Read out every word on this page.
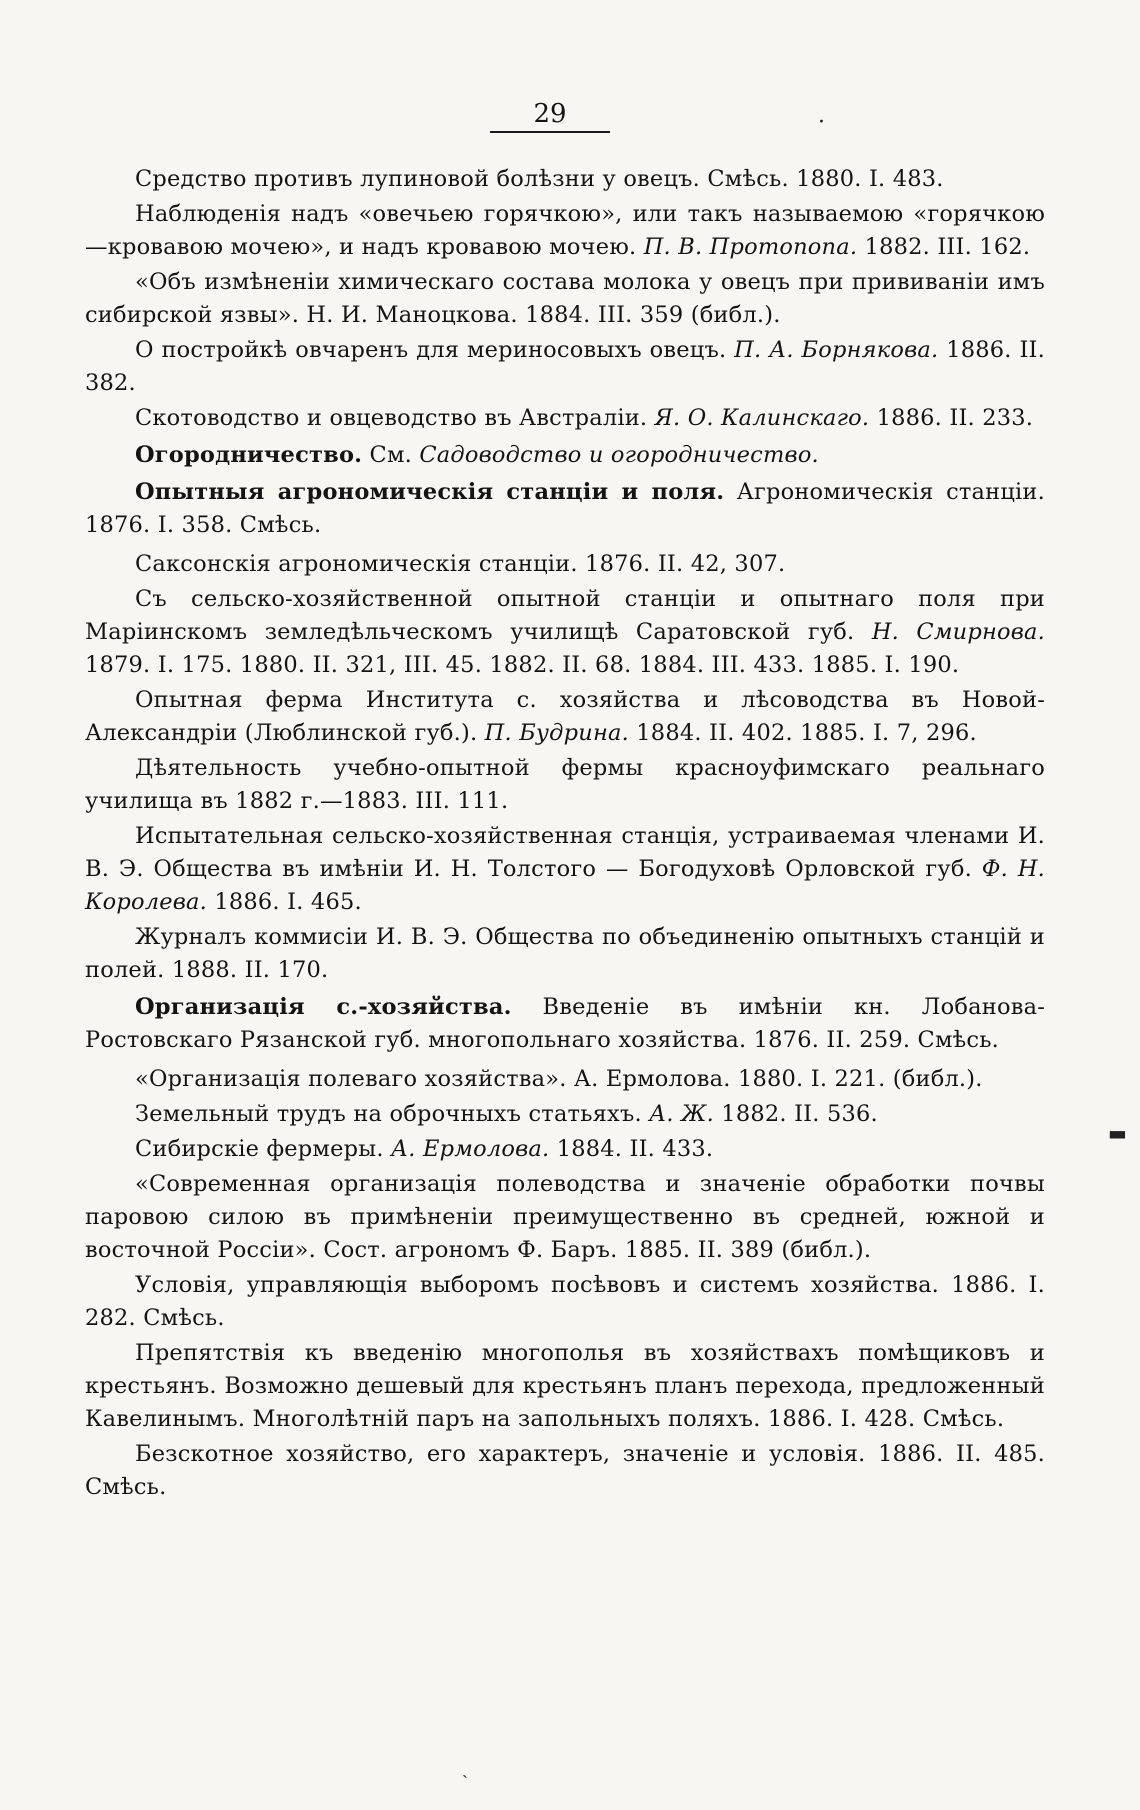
29	·
▬
ˎ

Средство противъ лупиновой болѣзни у овецъ. Смѣсь. 1880. I. 483.

Наблюденія надъ «овечьею горячкою», или такъ называемою «горячкою—кровавою мочею», и надъ кровавою мочею. П. В. Протопопа. 1882. III. 162.

«Объ измѣненіи химическаго состава молока у овецъ при прививаніи имъ сибирской язвы». Н. И. Маноцкова. 1884. III. 359 (библ.).

О постройкѣ овчаренъ для мериносовыхъ овецъ. П. А. Борнякова. 1886. II. 382.

Скотоводство и овцеводство въ Австраліи. Я. О. Калинскаго. 1886. II. 233.

Огородничество. См. Садоводство и огородничество.

Опытныя агрономическія станціи и поля. Агрономическія станціи. 1876. I. 358. Смѣсь.

Саксонскія агрономическія станціи. 1876. II. 42, 307.

Съ сельско-хозяйственной опытной станціи и опытнаго поля при Маріинскомъ земледѣльческомъ училищѣ Саратовской губ. Н. Смирнова. 1879. I. 175. 1880. II. 321, III. 45. 1882. II. 68. 1884. III. 433. 1885. I. 190.

Опытная ферма Института с. хозяйства и лѣсоводства въ Новой-Александріи (Люблинской губ.). П. Будрина. 1884. II. 402. 1885. I. 7, 296.

Дѣятельность учебно-опытной фермы красноуфимскаго реальнаго училища въ 1882 г.—1883. III. 111.

Испытательная сельско-хозяйственная станція, устраиваемая членами И. В. Э. Общества въ имѣніи И. Н. Толстого — Богодуховѣ Орловской губ. Ф. Н. Королева. 1886. I. 465.

Журналъ коммисіи И. В. Э. Общества по объединенію опытныхъ станцій и полей. 1888. II. 170.

Организація с.-хозяйства. Введеніе въ имѣніи кн. Лобанова-Ростовскаго Рязанской губ. многопольнаго хозяйства. 1876. II. 259. Смѣсь.

«Организація полеваго хозяйства». А. Ермолова. 1880. I. 221. (библ.).

Земельный трудъ на оброчныхъ статьяхъ. А. Ж. 1882. II. 536.

Сибирскіе фермеры. А. Ермолова. 1884. II. 433.

«Современная организація полеводства и значеніе обработки почвы паровою силою въ примѣненіи преимущественно въ средней, южной и восточной Россіи». Сост. агрономъ Ф. Баръ. 1885. II. 389 (библ.).

Условія, управляющія выборомъ посѣвовъ и системъ хозяйства. 1886. I. 282. Смѣсь.

Препятствія къ введенію многополья въ хозяйствахъ помѣщиковъ и крестьянъ. Возможно дешевый для крестьянъ планъ перехода, предложенный Кавелинымъ. Многолѣтній паръ на запольныхъ поляхъ. 1886. I. 428. Смѣсь.

Безскотное хозяйство, его характеръ, значеніе и условія. 1886. II. 485. Смѣсь.
